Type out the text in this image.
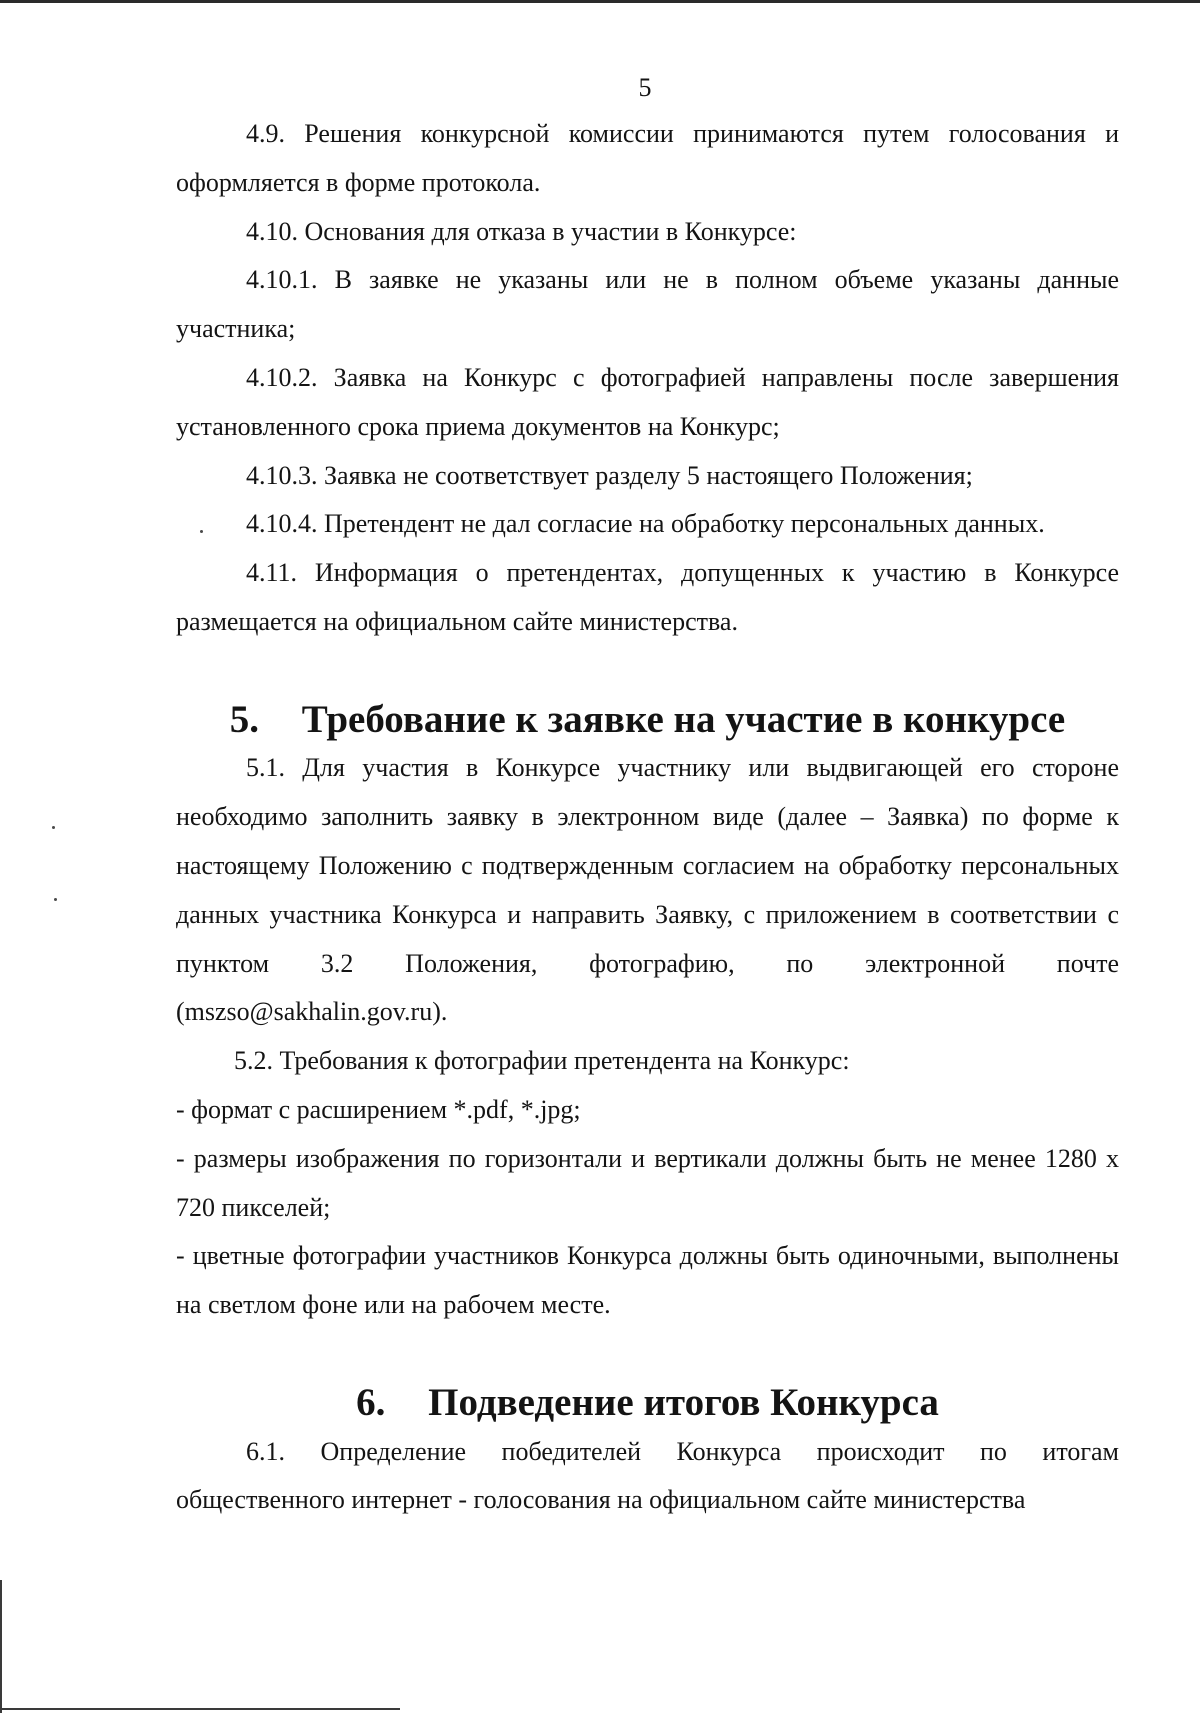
5

4.9. Решения конкурсной комиссии принимаются путем голосования и оформляется в форме протокола.

4.10. Основания для отказа в участии в Конкурсе:

4.10.1. В заявке не указаны или не в полном объеме указаны данные участника;

4.10.2. Заявка на Конкурс с фотографией направлены после завершения установленного срока приема документов на Конкурс;

4.10.3. Заявка не соответствует разделу 5 настоящего Положения;

4.10.4. Претендент не дал согласие на обработку персональных данных.

4.11. Информация о претендентах, допущенных к участию в Конкурсе размещается на официальном сайте министерства.

5. Требование к заявке на участие в конкурсе

5.1. Для участия в Конкурсе участнику или выдвигающей его стороне необходимо заполнить заявку в электронном виде (далее – Заявка) по форме к настоящему Положению с подтвержденным согласием на обработку персональных данных участника Конкурса и направить Заявку, с приложением в соответствии с пунктом 3.2 Положения, фотографию, по электронной почте (mszso@sakhalin.gov.ru).

5.2. Требования к фотографии претендента на Конкурс:

- формат с расширением *.pdf, *.jpg;

- размеры изображения по горизонтали и вертикали должны быть не менее 1280 x 720 пикселей;

- цветные фотографии участников Конкурса должны быть одиночными, выполнены на светлом фоне или на рабочем месте.

6. Подведение итогов Конкурса

6.1. Определение победителей Конкурса происходит по итогам общественного интернет - голосования на официальном сайте министерства
